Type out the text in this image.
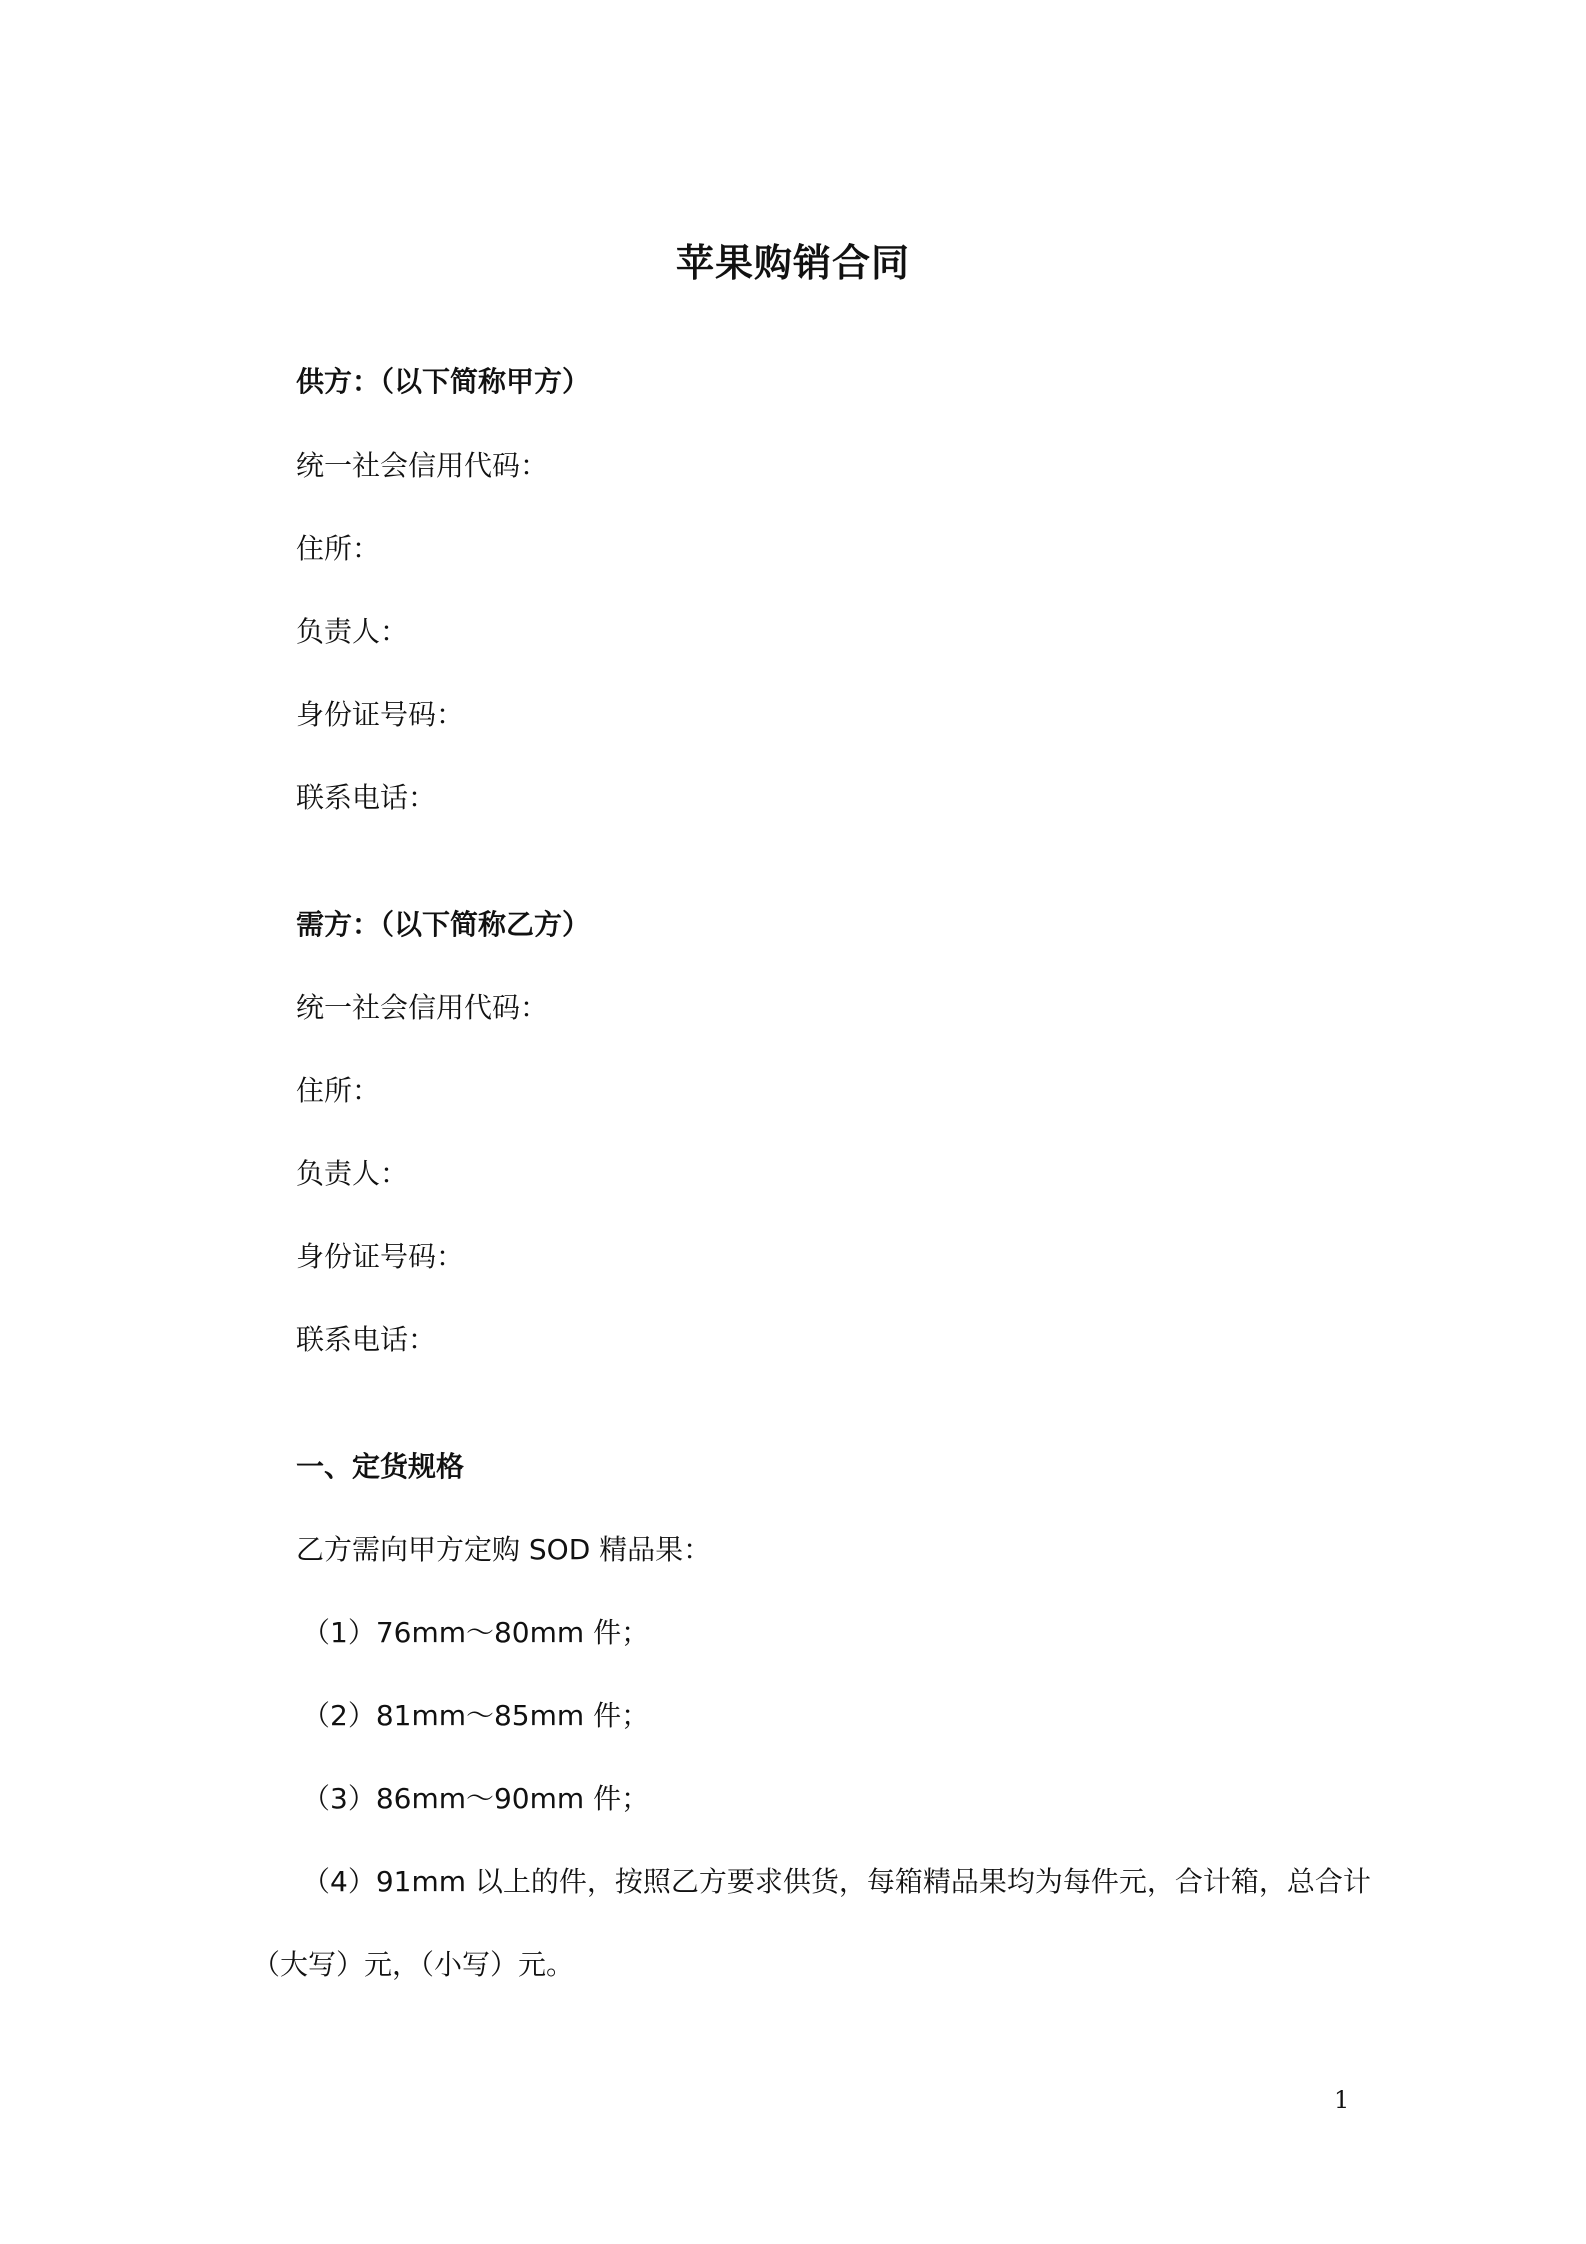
苹果购销合同

供方：（以下简称甲方）

统一社会信用代码：

住所：

负责人：

身份证号码：

联系电话：

需方：（以下简称乙方）

统一社会信用代码：

住所：

负责人：

身份证号码：

联系电话：

一、定货规格

乙方需向甲方定购 SOD 精品果：

（1）76mm～80mm 件；

（2）81mm～85mm 件；

（3）86mm～90mm 件；

（4）91mm 以上的件，按照乙方要求供货，每箱精品果均为每件元，合计箱，总合计

（大写）元，（小写）元。

1
